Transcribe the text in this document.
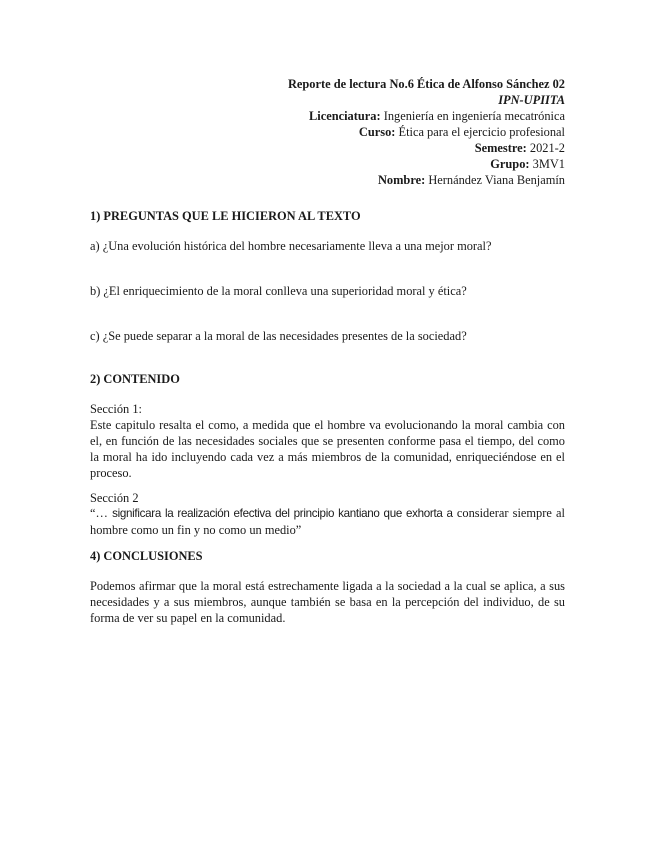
Reporte de lectura No.6 Ética de Alfonso Sánchez 02
IPN-UPIITA
Licenciatura: Ingeniería en ingeniería mecatrónica
Curso: Ética para el ejercicio profesional
Semestre: 2021-2
Grupo: 3MV1
Nombre: Hernández Viana Benjamín
1) PREGUNTAS QUE LE HICIERON AL TEXTO
a) ¿Una evolución histórica del hombre necesariamente lleva a una mejor moral?
b) ¿El enriquecimiento de la moral conlleva una superioridad moral y ética?
c) ¿Se puede separar a la moral de las necesidades presentes de la sociedad?
2) CONTENIDO
Sección 1:
Este capitulo resalta el como, a medida que el hombre va evolucionando la moral cambia con el, en función de las necesidades sociales que se presenten conforme pasa el tiempo, del como la moral ha ido incluyendo cada vez a más miembros de la comunidad, enriqueciéndose en el proceso.
Sección 2
“… significara la realización efectiva del principio kantiano que exhorta a considerar siempre al hombre como un fin y no como un medio”
4) CONCLUSIONES
Podemos afirmar que la moral está estrechamente ligada a la sociedad a la cual se aplica, a sus necesidades y a sus miembros, aunque también se basa en la percepción del individuo, de su forma de ver su papel en la comunidad.
